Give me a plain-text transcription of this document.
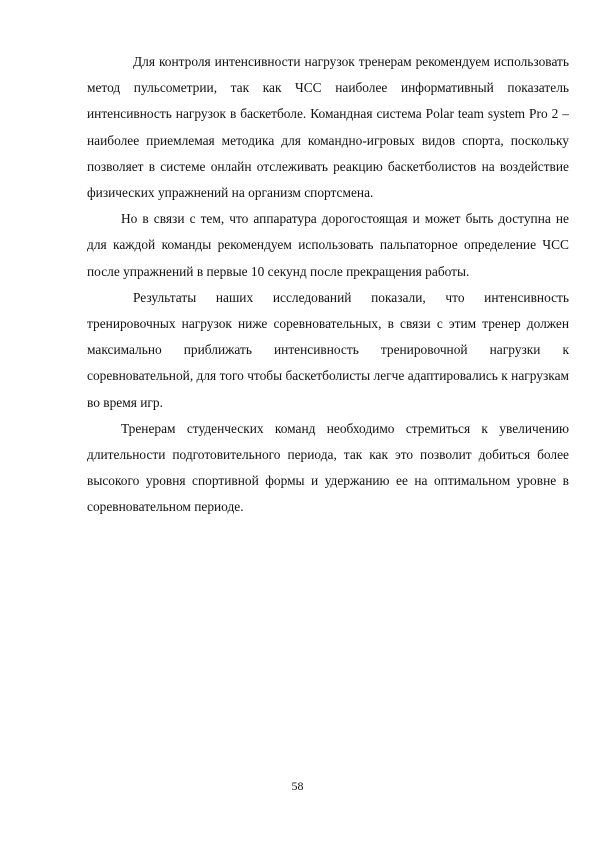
Для контроля интенсивности нагрузок тренерам рекомендуем использовать метод пульсометрии, так как ЧСС наиболее информативный показатель интенсивность нагрузок в баскетболе. Командная система Polar team system Pro 2 – наиболее приемлемая методика для командно-игровых видов спорта, поскольку позволяет в системе онлайн отслеживать реакцию баскетболистов на воздействие физических упражнений на организм спортсмена.

Но в связи с тем, что аппаратура дорогостоящая и может быть доступна не для каждой команды рекомендуем использовать пальпаторное определение ЧСС после упражнений в первые 10 секунд после прекращения работы.

Результаты наших исследований показали, что интенсивность тренировочных нагрузок ниже соревновательных, в связи с этим тренер должен максимально приближать интенсивность тренировочной нагрузки к соревновательной, для того чтобы баскетболисты легче адаптировались к нагрузкам во время игр.

Тренерам студенческих команд необходимо стремиться к увеличению длительности подготовительного периода, так как это позволит добиться более высокого уровня спортивной формы и удержанию ее на оптимальном уровне в соревновательном периоде.

58
